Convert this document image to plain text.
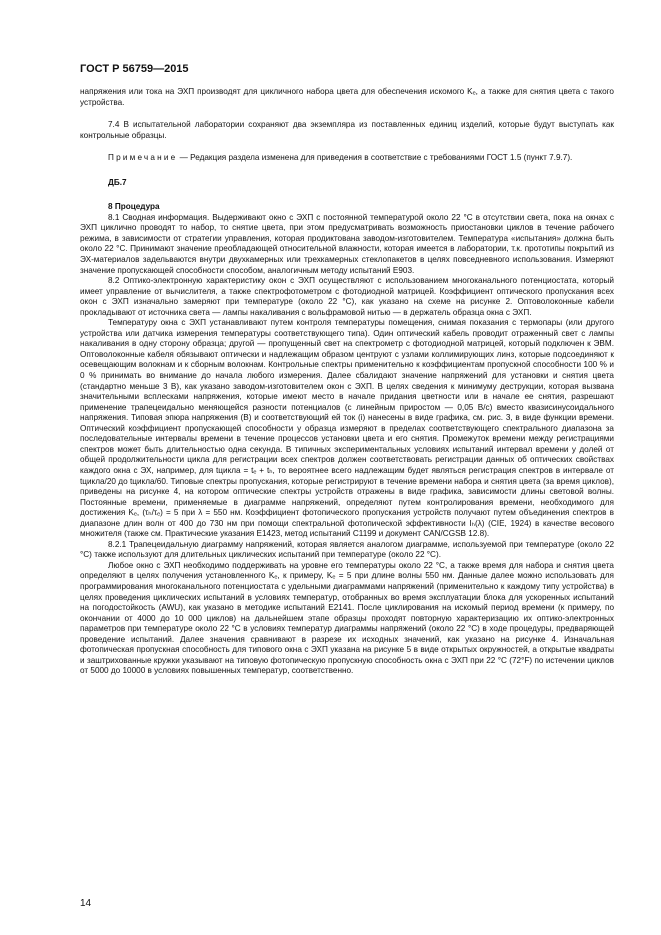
ГОСТ Р 56759—2015

напряжения или тока на ЭХП производят для цикличного набора цвета для обеспечения искомого Kₑ, а также для снятия цвета с такого устройства.

7.4 В испытательной лаборатории сохраняют два экземпляра из поставленных единиц изделий, которые будут выступать как контрольные образцы.

Примечание — Редакция раздела изменена для приведения в соответствие с требованиями ГОСТ 1.5 (пункт 7.9.7).

ДБ.7

8 Процедура

8.1 Сводная информация. Выдерживают окно с ЭХП с постоянной температурой около 22 °С в отсутствии света, пока на окнах с ЭХП циклично проводят то набор, то снятие цвета, при этом предусматривать возможность приостановки циклов в течение рабочего режима, в зависимости от стратегии управления, которая продиктована заводом-изготовителем. Температура «испытания» должна быть около 22 °С. Принимают значение преобладающей относительной влажности, которая имеется в лаборатории, т.к. прототипы покрытий из ЭХ-материалов задельваются внутри двухкамерных или трехкамерных стеклопакетов в целях повседневного использования. Измеряют значение пропускающей способности способом, аналогичным методу испытаний E903.

8.2 Оптико-электронную характеристику окон с ЭХП осуществляют с использованием многоканального потенциостата, который имеет управление от вычислителя, а также спектрофотометром с фотодиодной матрицей. Коэффициент оптического пропускания всех окон с ЭХП изначально замеряют при температуре (около 22 °С), как указано на схеме на рисунке 2. Оптоволоконные кабели прокладывают от источника света — лампы накаливания с вольфрамовой нитью — в держатель образца окна с ЭХП.

Температуру окна с ЭХП устанавливают путем контроля температуры помещения, снимая показания с термопары (или другого устройства или датчика измерения температуры соответствующего типа). Один оптический кабель проводит отраженный свет с лампы накаливания в одну сторону образца; другой — пропущенный свет на спектрометр с фотодиодной матрицей, который подключен к ЭВМ. Оптоволоконные кабеля обязывают оптически и надлежащим образом центруют с узлами коллимирующих линз, которые подсоединяют к осевещающим волокнам и к сборным волокнам. Контрольные спектры применительно к коэффициентам пропускной способности 100 % и 0 % принимать во внимание до начала любого измерения. Далее сбалидают значение напряжений для установки и снятия цвета (стандартно меньше 3 В), как указано заводом-изготовителем окон с ЭХП. В целях сведения к минимуму деструкции, которая вызвана значительными всплесками напряжения, которые имеют место в начале придания цветности или в начале ее снятия, разрешают применение трапецеидально меняющейся разности потенциалов (с линейным приростом — 0,05 В/с) вместо квазисинусоидального напряжения. Типовая эпюра напряжения (В) и соответствующий ей ток (i) нанесены в виде графика, см. рис. 3, в виде функции времени. Оптический коэффициент пропускающей способности у образца измеряют в пределах соответствующего спектрального диапазона за последовательные интервалы времени в течение процессов установки цвета и его снятия. Промежуток времени между регистрациями спектров может быть длительностью одна секунда. В типичных экспериментальных условиях испытаний интервал времени у долей от общей продолжительности цикла для регистрации всех спектров должен соответствовать регистрации данных об оптических свойствах каждого окна с ЭХ, например, для tцикла = tₑ + tₕ, то вероятнее всего надлежащим будет являться регистрация спектров в интервале от tцикла/20 до tцикла/60. Типовые спектры пропускания, которые регистрируют в течение времени набора и снятия цвета (за время циклов), приведены на рисунке 4, на котором оптические спектры устройств отражены в виде графика, зависимости длины световой волны. Постоянные времени, применяемые в диаграмме напряжений, определяют путем контролирования времени, необходимого для достижения Kₑ, (τₕ/τₑ) = 5 при λ = 550 нм. Коэффициент фотопического пропускания устройств получают путем объединения спектров в диапазоне длин волн от 400 до 730 нм при помощи спектральной фотопической эффективности Iₕ(λ) (CIE, 1924) в качестве весового множителя (также см. Практические указания E1423, метод испытаний C1199 и документ CAN/CGSB 12.8).

8.2.1 Трапецеидальную диаграмму напряжений, которая является аналогом диаграмме, используемой при температуре (около 22 °С) также используют для длительных циклических испытаний при температуре (около 22 °С).

Любое окно с ЭХП необходимо поддерживать на уровне его температуры около 22 °С, а также время для набора и снятия цвета определяют в целях получения установленного Kₑ, к примеру, Kₑ = 5 при длине волны 550 нм. Данные далее можно использовать для программирования многоканального потенциостата с удельными диаграммами напряжений (применительно к каждому типу устройства) в целях проведения циклических испытаний в условиях температур, отобранных во время эксплуатации блока для ускоренных испытаний на погодостойкость (AWU), как указано в методике испытаний E2141. После циклирования на искомый период времени (к примеру, по окончании от 4000 до 10 000 циклов) на дальнейшем этапе образцы проходят повторную характеризацию их оптико-электронных параметров при температуре около 22 °С в условиях температур диаграммы напряжений (около 22 °С) в ходе процедуры, предваряющей проведение испытаний. Далее значения сравнивают в разрезе их исходных значений, как указано на рисунке 4. Изначальная фотопическая пропускная способность для типового окна с ЭХП указана на рисунке 5 в виде открытых окружностей, а открытые квадраты и заштрихованные кружки указывают на типовую фотопическую пропускную способность окна с ЭХП при 22 °С (72°F) по истечении циклов от 5000 до 10000 в условиях повышенных температур, соответственно.

14
